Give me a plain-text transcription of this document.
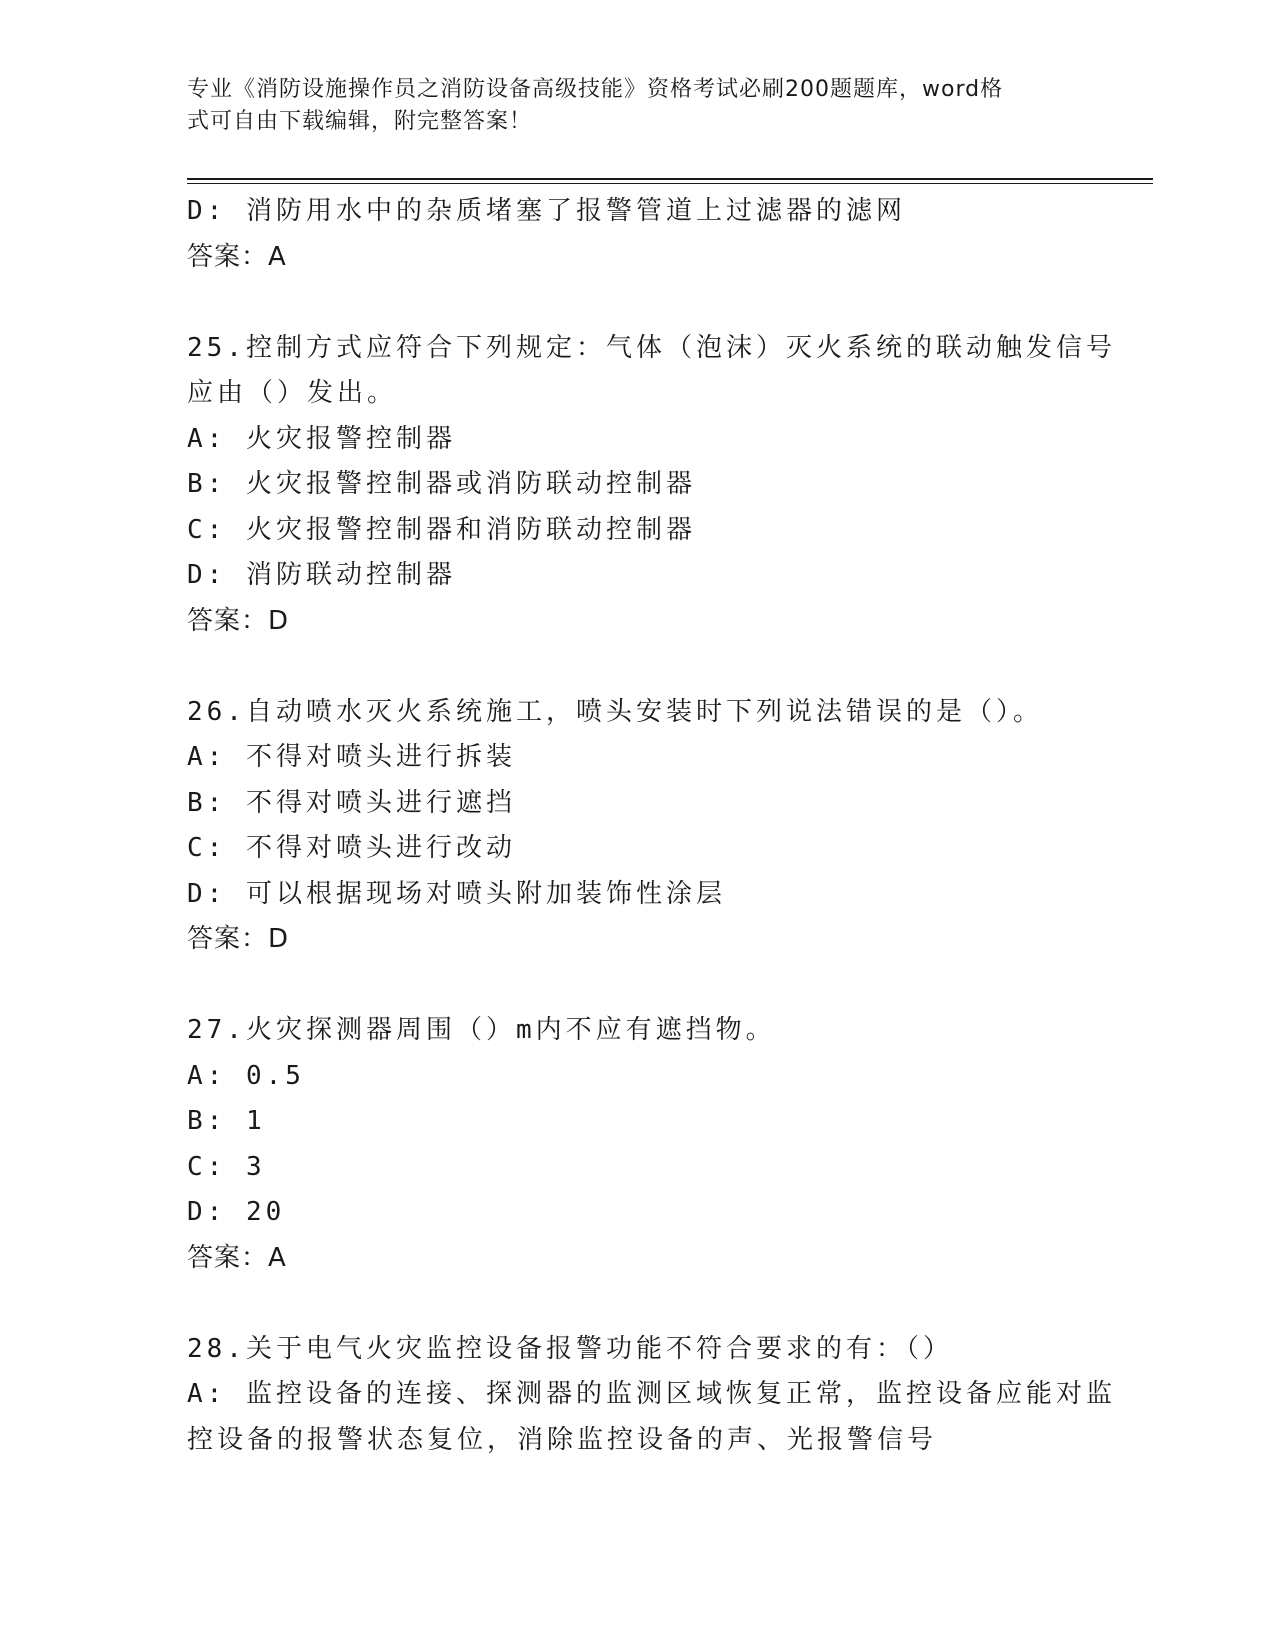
专业《消防设施操作员之消防设备高级技能》资格考试必刷200题题库，word格
式可自由下载编辑，附完整答案！
D: 消防用水中的杂质堵塞了报警管道上过滤器的滤网
答案：A
25.控制方式应符合下列规定：气体（泡沫）灭火系统的联动触发信号
应由（）发出。
A: 火灾报警控制器
B: 火灾报警控制器或消防联动控制器
C: 火灾报警控制器和消防联动控制器
D: 消防联动控制器
答案：D
26.自动喷水灭火系统施工，喷头安装时下列说法错误的是（）。
A: 不得对喷头进行拆装
B: 不得对喷头进行遮挡
C: 不得对喷头进行改动
D: 可以根据现场对喷头附加装饰性涂层
答案：D
27.火灾探测器周围（）m内不应有遮挡物。
A: 0.5
B: 1
C: 3
D: 20
答案：A
28.关于电气火灾监控设备报警功能不符合要求的有：（）
A: 监控设备的连接、探测器的监测区域恢复正常，监控设备应能对监
控设备的报警状态复位，消除监控设备的声、光报警信号
